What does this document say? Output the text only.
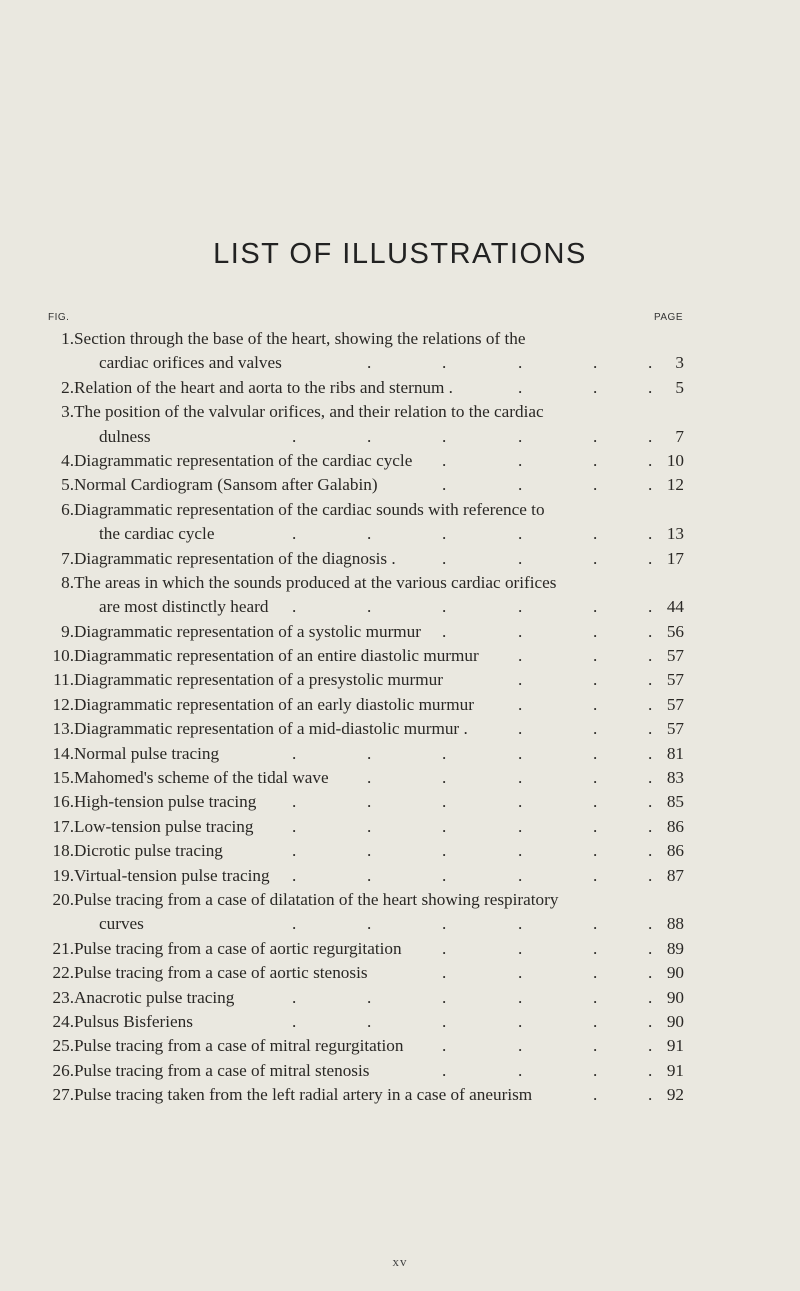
LIST OF ILLUSTRATIONS
FIG.	PAGE
1. Section through the base of the heart, showing the relations of the
cardiac orifices and valves	3
.	.	.	.	.
2. Relation of the heart and aorta to the ribs and sternum .	5
.	.	.
3. The position of the valvular orifices, and their relation to the cardiac
dulness	7
.	.	.	.	.	.
4. Diagrammatic representation of the cardiac cycle	10
.	.	.	.
5. Normal Cardiogram (Sansom after Galabin)	12
.	.	.	.
6. Diagrammatic representation of the cardiac sounds with reference to
the cardiac cycle	13
.	.	.	.	.	.
7. Diagrammatic representation of the diagnosis .	17
.	.	.	.
8. The areas in which the sounds produced at the various cardiac orifices
are most distinctly heard	44
.	.	.	.	.	.
9. Diagrammatic representation of a systolic murmur	56
.	.	.	.
10. Diagrammatic representation of an entire diastolic murmur	57
.	.	.
11. Diagrammatic representation of a presystolic murmur	57
.	.	.
12. Diagrammatic representation of an early diastolic murmur	57
.	.	.
13. Diagrammatic representation of a mid-diastolic murmur .	57
.	.	.
14. Normal pulse tracing	81
.	.	.	.	.	.
15. Mahomed's scheme of the tidal wave	83
.	.	.	.	.
16. High-tension pulse tracing	85
.	.	.	.	.	.
17. Low-tension pulse tracing	86
.	.	.	.	.	.
18. Dicrotic pulse tracing	86
.	.	.	.	.	.
19. Virtual-tension pulse tracing	87
.	.	.	.	.	.
20. Pulse tracing from a case of dilatation of the heart showing respiratory
curves	88
.	.	.	.	.	.
21. Pulse tracing from a case of aortic regurgitation	89
.	.	.	.
22. Pulse tracing from a case of aortic stenosis	90
.	.	.	.
23. Anacrotic pulse tracing	90
.	.	.	.	.	.
24. Pulsus Bisferiens	90
.	.	.	.	.	.
25. Pulse tracing from a case of mitral regurgitation	91
.	.	.	.
26. Pulse tracing from a case of mitral stenosis	91
.	.	.	.
27. Pulse tracing taken from the left radial artery in a case of aneurism	92
.	.
xv
